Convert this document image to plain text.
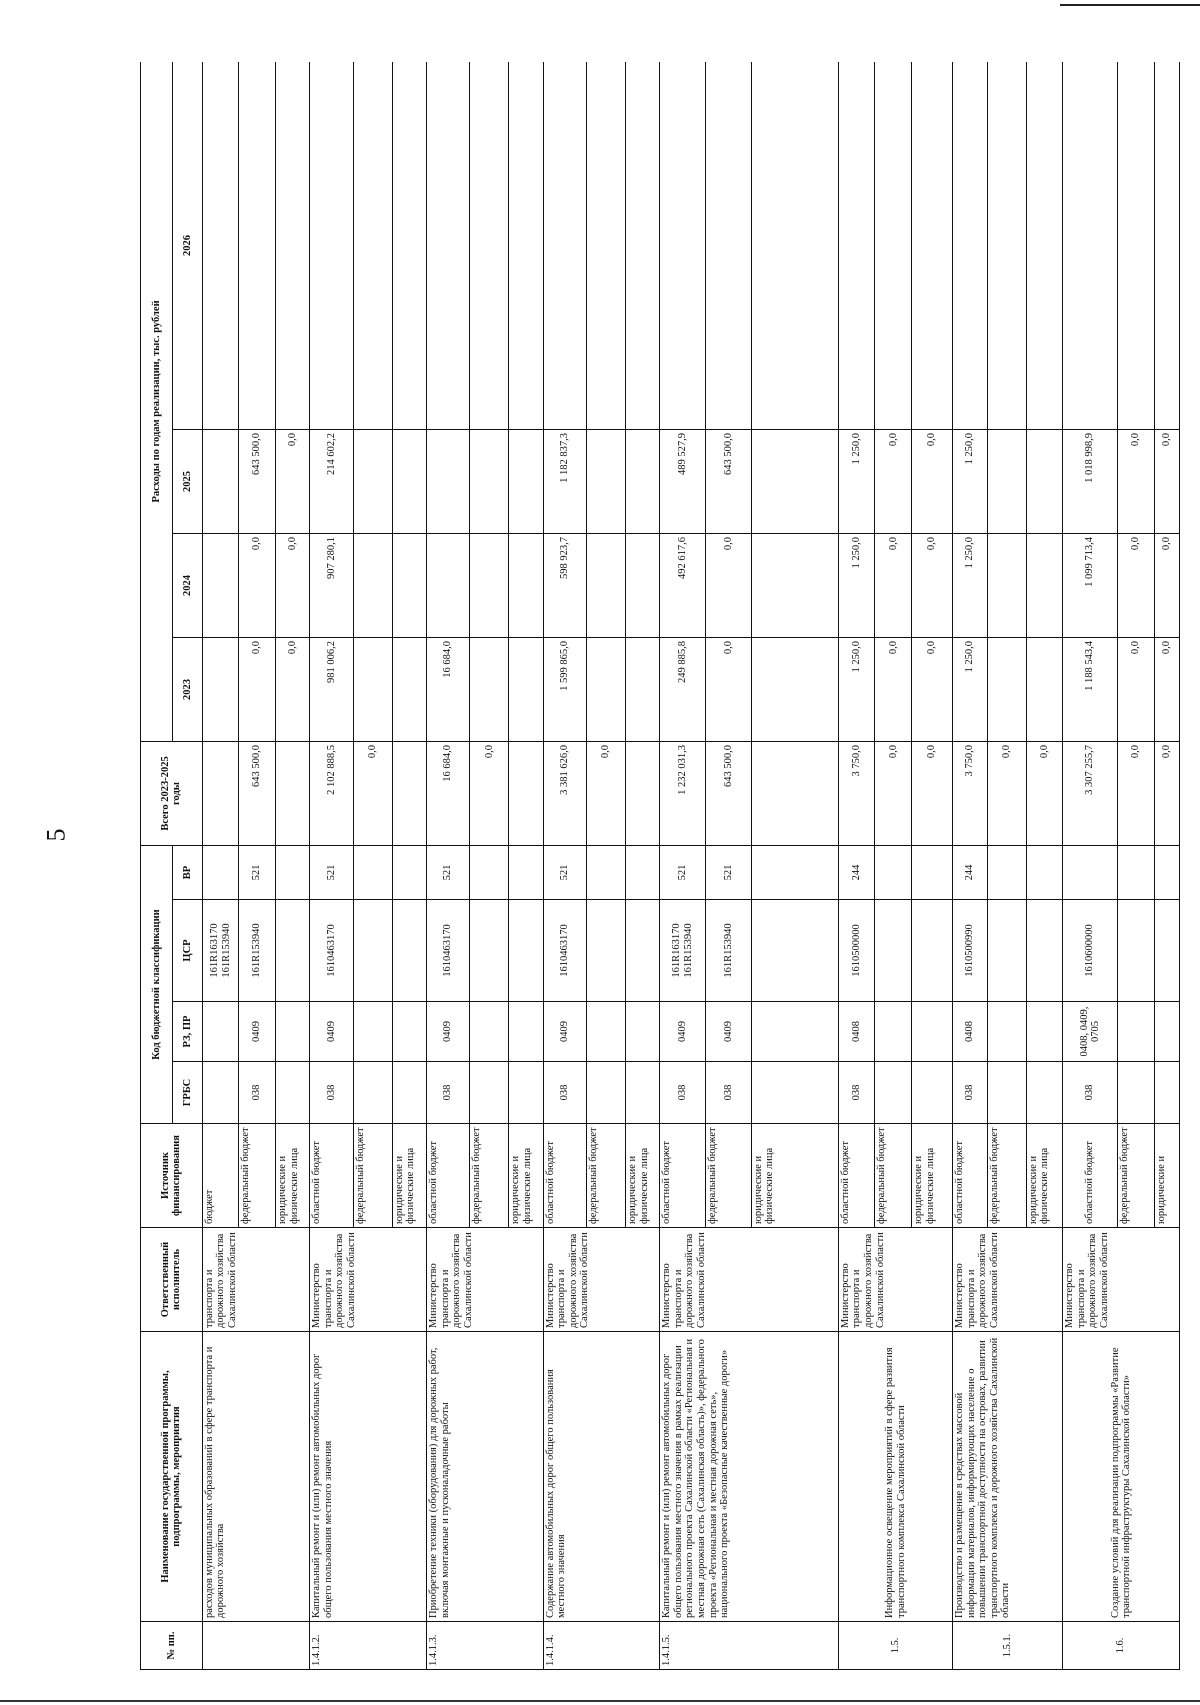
5
№ пп.	Наименование государственной программы, подпрограммы, мероприятия	Ответственный исполнитель	Источник финансирования	Код бюджетной классификации				Всего 2023-2025 годы	Расходы по годам реализации, тыс. рублей			
				ГРБС	РЗ, ПР	ЦСР	ВР		2023	2024	2025	2026
	расходов муниципальных образований в сфере транспорта и дорожного хозяйства	транспорта и дорожного хозяйства Сахалинской области	бюджет			161R163170 161R153940						
			федеральный бюджет	038	0409	161R153940	521	643 500,0	0,0	0,0	643 500,0	
			юридические и физические лица						0,0	0,0	0,0	
1.4.1.2.	Капитальный ремонт и (или) ремонт автомобильных дорог общего пользования местного значения	Министерство транспорта и дорожного хозяйства Сахалинской области	областной бюджет	038	0409	1610463170	521	2 102 888,5	981 006,2	907 280,1	214 602,2	
			федеральный бюджет					0,0				
			юридические и физические лица									
1.4.1.3.	Приобретение техники (оборудования) для дорожных работ, включая монтажные и пусконаладочные работы	Министерство транспорта и дорожного хозяйства Сахалинской области	областной бюджет	038	0409	1610463170	521	16 684,0	16 684,0			
			федеральный бюджет					0,0				
			юридические и физические лица									
1.4.1.4.	Содержание автомобильных дорог общего пользования местного значения	Министерство транспорта и дорожного хозяйства Сахалинской области	областной бюджет	038	0409	1610463170	521	3 381 626,0	1 599 865,0	598 923,7	1 182 837,3	
			федеральный бюджет					0,0				
			юридические и физические лица									
1.4.1.5.	Капитальный ремонт и (или) ремонт автомобильных дорог общего пользования местного значения в рамках реализации регионального проекта Сахалинской области «Региональная и местная дорожная сеть (Сахалинская область)», федерального проекта «Региональная и местная дорожная сеть», национального проекта «Безопасные качественные дороги»	Министерство транспорта и дорожного хозяйства Сахалинской области	областной бюджет	038	0409	161R163170 161R153940	521	1 232 031,3	249 885,8	492 617,6	489 527,9	
			федеральный бюджет	038	0409	161R153940	521	643 500,0	0,0	0,0	643 500,0	
			юридические и физические лица									
1.5.	Информационное освещение мероприятий в сфере развития транспортного комплекса Сахалинской области	Министерство транспорта и дорожного хозяйства Сахалинской области	областной бюджет	038	0408	1610500000	244	3 750,0	1 250,0	1 250,0	1 250,0	
			федеральный бюджет					0,0	0,0	0,0	0,0	
			юридические и физические лица					0,0	0,0	0,0	0,0	
1.5.1.	Производство и размещение в средствах массовой информации материалов, информирующих население о повышении транспортной доступности на островах, развитии транспортного комплекса и дорожного хозяйства Сахалинской области	Министерство транспорта и дорожного хозяйства Сахалинской области	областной бюджет	038	0408	1610500990	244	3 750,0	1 250,0	1 250,0	1 250,0	
			федеральный бюджет					0,0				
			юридические и физические лица					0,0				
1.6.	Создание условий для реализации подпрограммы «Развитие транспортной инфраструктуры Сахалинской области»	Министерство транспорта и дорожного хозяйства Сахалинской области	областной бюджет	038	0408, 0409, 0705	1610600000		3 307 255,7	1 188 543,4	1 099 713,4	1 018 998,9	
			федеральный бюджет					0,0	0,0	0,0	0,0	
			юридические и					0,0	0,0	0,0	0,0	
